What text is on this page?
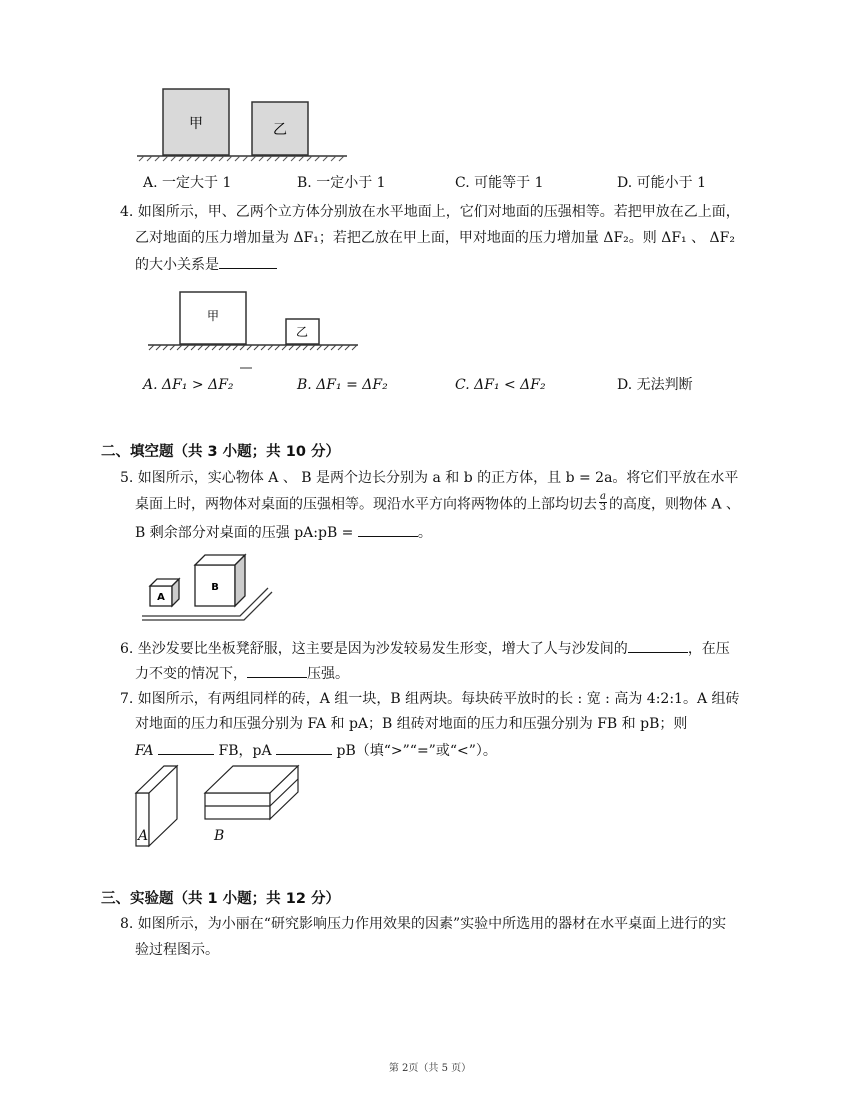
甲	乙
A. 一定大于 1	B. 一定小于 1	C. 可能等于 1	D. 可能小于 1
4. 如图所示，甲、乙两个立方体分别放在水平地面上，它们对地面的压强相等。若把甲放在乙上面，
乙对地面的压力增加量为 ΔF₁；若把乙放在甲上面，甲对地面的压力增加量 ΔF₂。则 ΔF₁ 、 ΔF₂
的大小关系是
甲
乙
A. ΔF₁ > ΔF₂	B. ΔF₁ = ΔF₂	C. ΔF₁ < ΔF₂	D. 无法判断
二、填空题（共 3 小题；共 10 分）
5. 如图所示，实心物体 A 、 B 是两个边长分别为 a 和 b 的正方体，且 b = 2a。将它们平放在水平
桌面上时，两物体对桌面的压强相等。现沿水平方向将两物体的上部均切去 $\frac{a}{3}$ 的高度，则物体 A 、
B 剩余部分对桌面的压强 pA:pB =	。
A
B
6. 坐沙发要比坐板凳舒服，这主要是因为沙发较易发生形变，增大了人与沙发间的	，在压
力不变的情况下，	压强。
7. 如图所示，有两组同样的砖，A 组一块，B 组两块。每块砖平放时的长 : 宽 : 高为 4:2:1。A 组砖
对地面的压力和压强分别为 FA 和 pA；B 组砖对地面的压力和压强分别为 FB 和 pB；则
FA	FB，pA	pB（填“>”“=”或“<”）。
A	B
三、实验题（共 1 小题；共 12 分）
8. 如图所示，为小丽在“研究影响压力作用效果的因素”实验中所选用的器材在水平桌面上进行的实
验过程图示。
第 2页（共 5 页）
